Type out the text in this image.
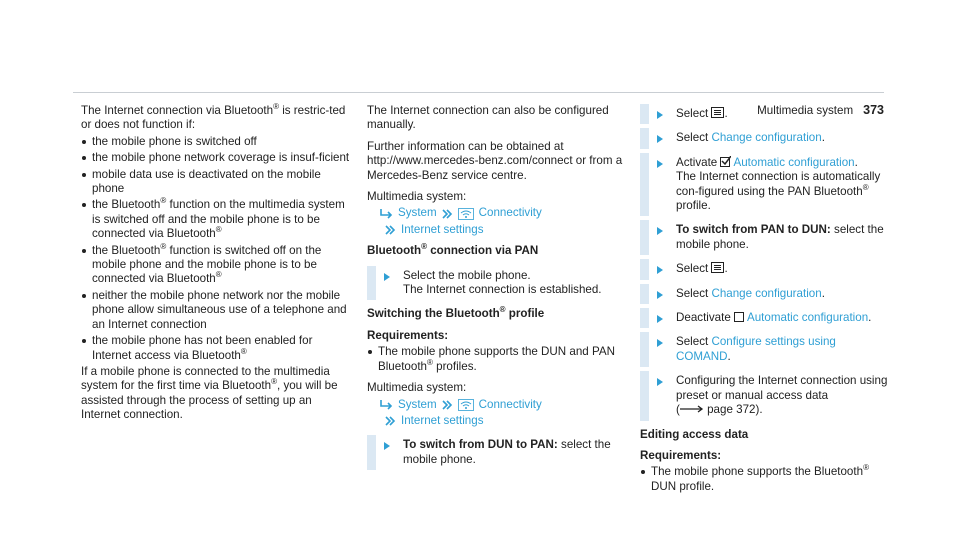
Multimedia system 373

The Internet connection via Bluetooth® is restric-ted or does not function if:

the mobile phone is switched off
the mobile phone network coverage is insuf-ficient
mobile data use is deactivated on the mobile phone
the Bluetooth® function on the multimedia system is switched off and the mobile phone is to be connected via Bluetooth®
the Bluetooth® function is switched off on the mobile phone and the mobile phone is to be connected via Bluetooth®
neither the mobile phone network nor the mobile phone allow simultaneous use of a telephone and an Internet connection
the mobile phone has not been enabled for Internet access via Bluetooth®

If a mobile phone is connected to the multimedia system for the first time via Bluetooth®, you will be assisted through the process of setting up an Internet connection.

The Internet connection can also be configured manually.

Further information can be obtained at http://www.mercedes-benz.com/connect or from a Mercedes-Benz service centre.

Multimedia system:

System	Connectivity
Internet settings

Bluetooth® connection via PAN

Select the mobile phone.

The Internet connection is established.

Switching the Bluetooth® profile

Requirements:

The mobile phone supports the DUN and PAN Bluetooth® profiles.

Multimedia system:

System	Connectivity
Internet settings

To switch from DUN to PAN: select the mobile phone.

Select
.

Select Change configuration.

Activate
Automatic configuration.

The Internet connection is automatically con-figured using the PAN Bluetooth® profile.

To switch from PAN to DUN: select the mobile phone.

Select
.

Select Change configuration.

Deactivate Automatic configuration.

Select Configure settings using COMAND.

Configuring the Internet connection using preset or manual access data

( page 372).

Editing access data

Requirements:

The mobile phone supports the Bluetooth® DUN profile.
